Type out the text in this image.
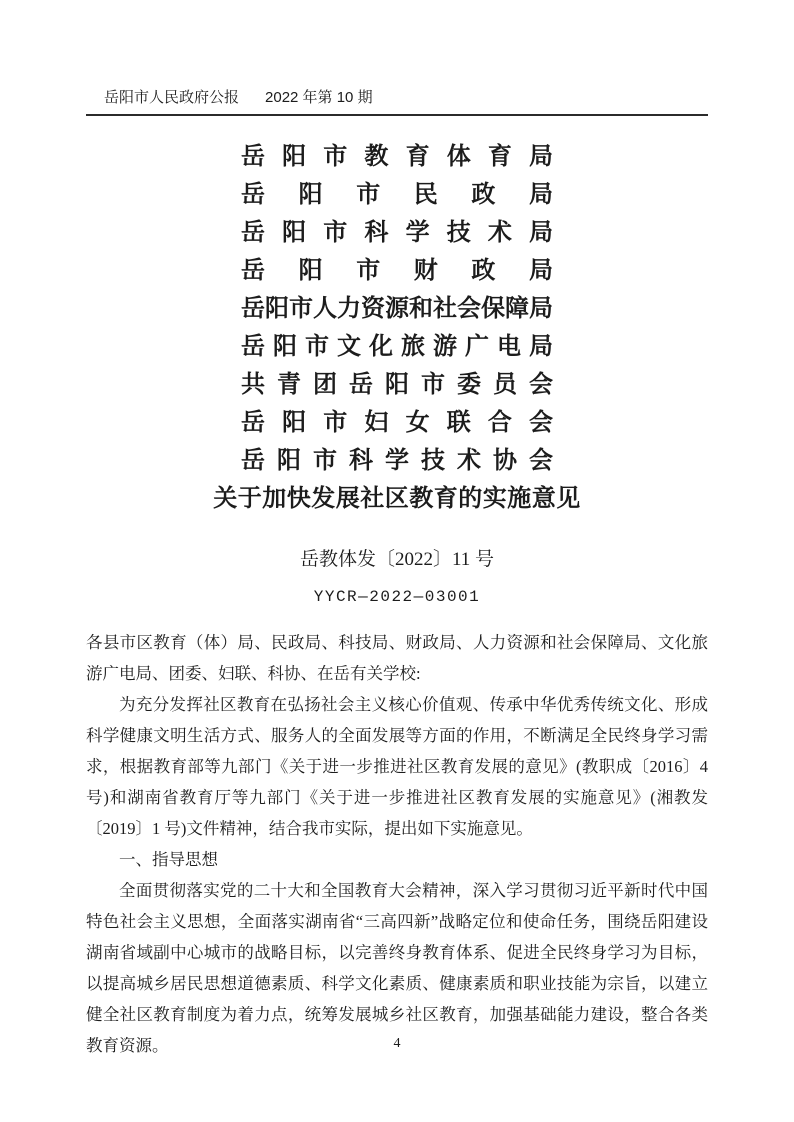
岳阳市人民政府公报 2022 年第 10 期
岳 阳 市 教 育 体 育 局
岳 阳 市 民 政 局
岳 阳 市 科 学 技 术 局
岳 阳 市 财 政 局
岳 阳 市 人 力 资 源 和 社 会 保 障 局
岳 阳 市 文 化 旅 游 广 电 局
共 青 团 岳 阳 市 委 员 会
岳 阳 市 妇 女 联 合 会
岳 阳 市 科 学 技 术 协 会
关于加快发展社区教育的实施意见
岳教体发〔2022〕11 号
YYCR—2022—03001

各县市区教育（体）局、民政局、科技局、财政局、人力资源和社会保障局、文化旅游广电局、团委、妇联、科协、在岳有关学校:

为充分发挥社区教育在弘扬社会主义核心价值观、传承中华优秀传统文化、形成科学健康文明生活方式、服务人的全面发展等方面的作用，不断满足全民终身学习需求，根据教育部等九部门《关于进一步推进社区教育发展的意见》(教职成〔2016〕4 号)和湖南省教育厅等九部门《关于进一步推进社区教育发展的实施意见》(湘教发〔2019〕1 号)文件精神，结合我市实际，提出如下实施意见。

一、指导思想

全面贯彻落实党的二十大和全国教育大会精神，深入学习贯彻习近平新时代中国特色社会主义思想，全面落实湖南省“三高四新”战略定位和使命任务，围绕岳阳建设湖南省域副中心城市的战略目标，以完善终身教育体系、促进全民终身学习为目标，以提高城乡居民思想道德素质、科学文化素质、健康素质和职业技能为宗旨，以建立健全社区教育制度为着力点，统筹发展城乡社区教育，加强基础能力建设，整合各类教育资源。	4
